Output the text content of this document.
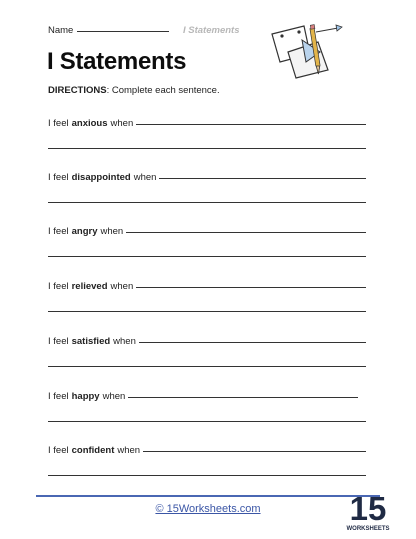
Name	I Statements
I Statements
DIRECTIONS: Complete each sentence.
I feel anxious when
I feel disappointed when
I feel angry when
I feel relieved when
I feel satisfied when
I feel happy when
I feel confident when
© 15Worksheets.com	15
WORKSHEETS
